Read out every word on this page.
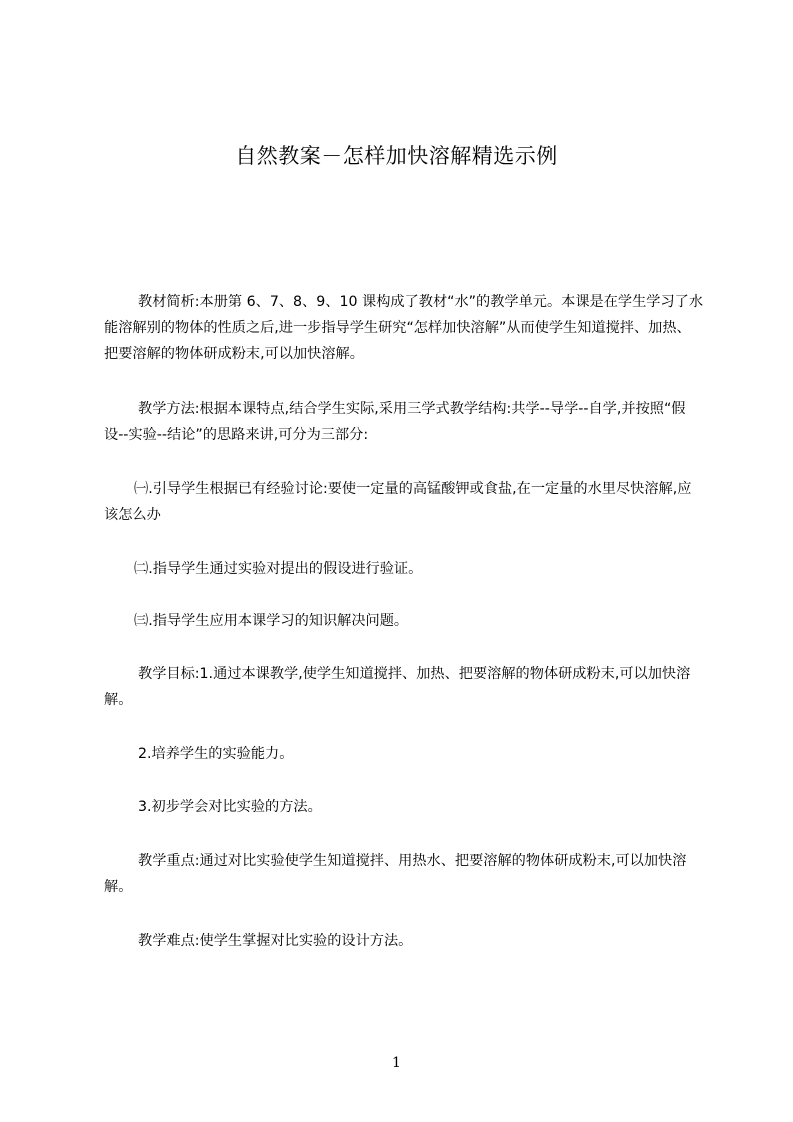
自然教案－怎样加快溶解精选示例

教材简析:本册第 6、7、8、9、10 课构成了教材“水”的教学单元。本课是在学生学习了水能溶解别的物体的性质之后,进一步指导学生研究“怎样加快溶解”从而使学生知道搅拌、加热、把要溶解的物体研成粉末,可以加快溶解。

教学方法:根据本课特点,结合学生实际,采用三学式教学结构:共学--导学--自学,并按照“假设--实验--结论”的思路来讲,可分为三部分:

㈠.引导学生根据已有经验讨论:要使一定量的高锰酸钾或食盐,在一定量的水里尽快溶解,应该怎么办

㈡.指导学生通过实验对提出的假设进行验证。

㈢.指导学生应用本课学习的知识解决问题。

教学目标:1.通过本课教学,使学生知道搅拌、加热、把要溶解的物体研成粉末,可以加快溶解。

2.培养学生的实验能力。

3.初步学会对比实验的方法。

教学重点:通过对比实验使学生知道搅拌、用热水、把要溶解的物体研成粉末,可以加快溶解。

教学难点:使学生掌握对比实验的设计方法。

1
